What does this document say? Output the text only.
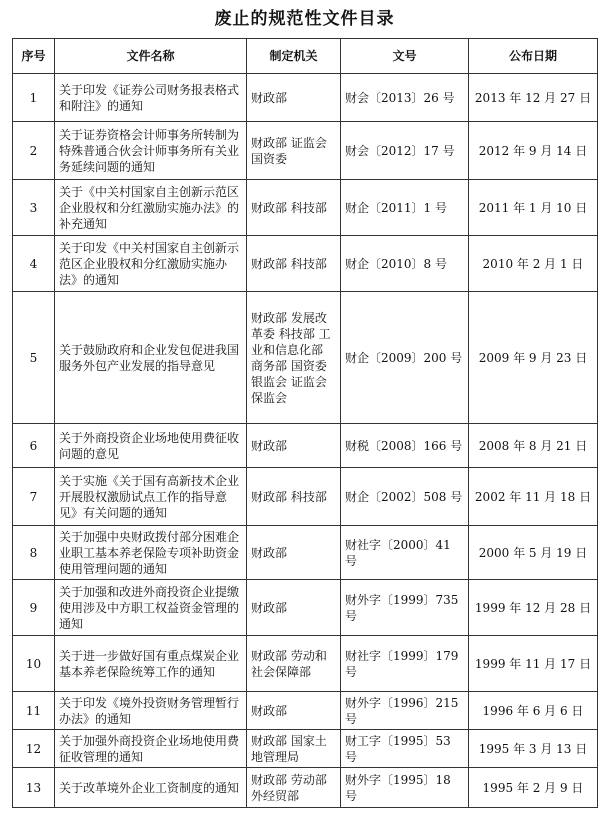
废止的规范性文件目录
序号	文件名称	制定机关	文号	公布日期
1	关于印发《证券公司财务报表格式和附注》的通知	财政部	财会〔2013〕26 号	2013 年 12 月 27 日
2	关于证券资格会计师事务所转制为特殊普通合伙会计师事务所有关业务延续问题的通知	财政部 证监会 国资委	财会〔2012〕17 号	2012 年 9 月 14 日
3	关于《中关村国家自主创新示范区企业股权和分红激励实施办法》的补充通知	财政部 科技部	财企〔2011〕1 号	2011 年 1 月 10 日
4	关于印发《中关村国家自主创新示范区企业股权和分红激励实施办法》的通知	财政部 科技部	财企〔2010〕8 号	2010 年 2 月 1 日
5	关于鼓励政府和企业发包促进我国服务外包产业发展的指导意见	财政部 发展改革委 科技部 工业和信息化部 商务部 国资委 银监会 证监会 保监会	财企〔2009〕200 号	2009 年 9 月 23 日
6	关于外商投资企业场地使用费征收问题的意见	财政部	财税〔2008〕166 号	2008 年 8 月 21 日
7	关于实施《关于国有高新技术企业开展股权激励试点工作的指导意见》有关问题的通知	财政部 科技部	财企〔2002〕508 号	2002 年 11 月 18 日
8	关于加强中央财政拨付部分困难企业职工基本养老保险专项补助资金使用管理问题的通知	财政部	财社字〔2000〕41 号	2000 年 5 月 19 日
9	关于加强和改进外商投资企业提缴使用涉及中方职工权益资金管理的通知	财政部	财外字〔1999〕735 号	1999 年 12 月 28 日
10	关于进一步做好国有重点煤炭企业基本养老保险统筹工作的通知	财政部 劳动和社会保障部	财社字〔1999〕179 号	1999 年 11 月 17 日
11	关于印发《境外投资财务管理暂行办法》的通知	财政部	财外字〔1996〕215 号	1996 年 6 月 6 日
12	关于加强外商投资企业场地使用费征收管理的通知	财政部 国家土地管理局	财工字〔1995〕53 号	1995 年 3 月 13 日
13	关于改革境外企业工资制度的通知	财政部 劳动部 外经贸部	财外字〔1995〕18 号	1995 年 2 月 9 日
